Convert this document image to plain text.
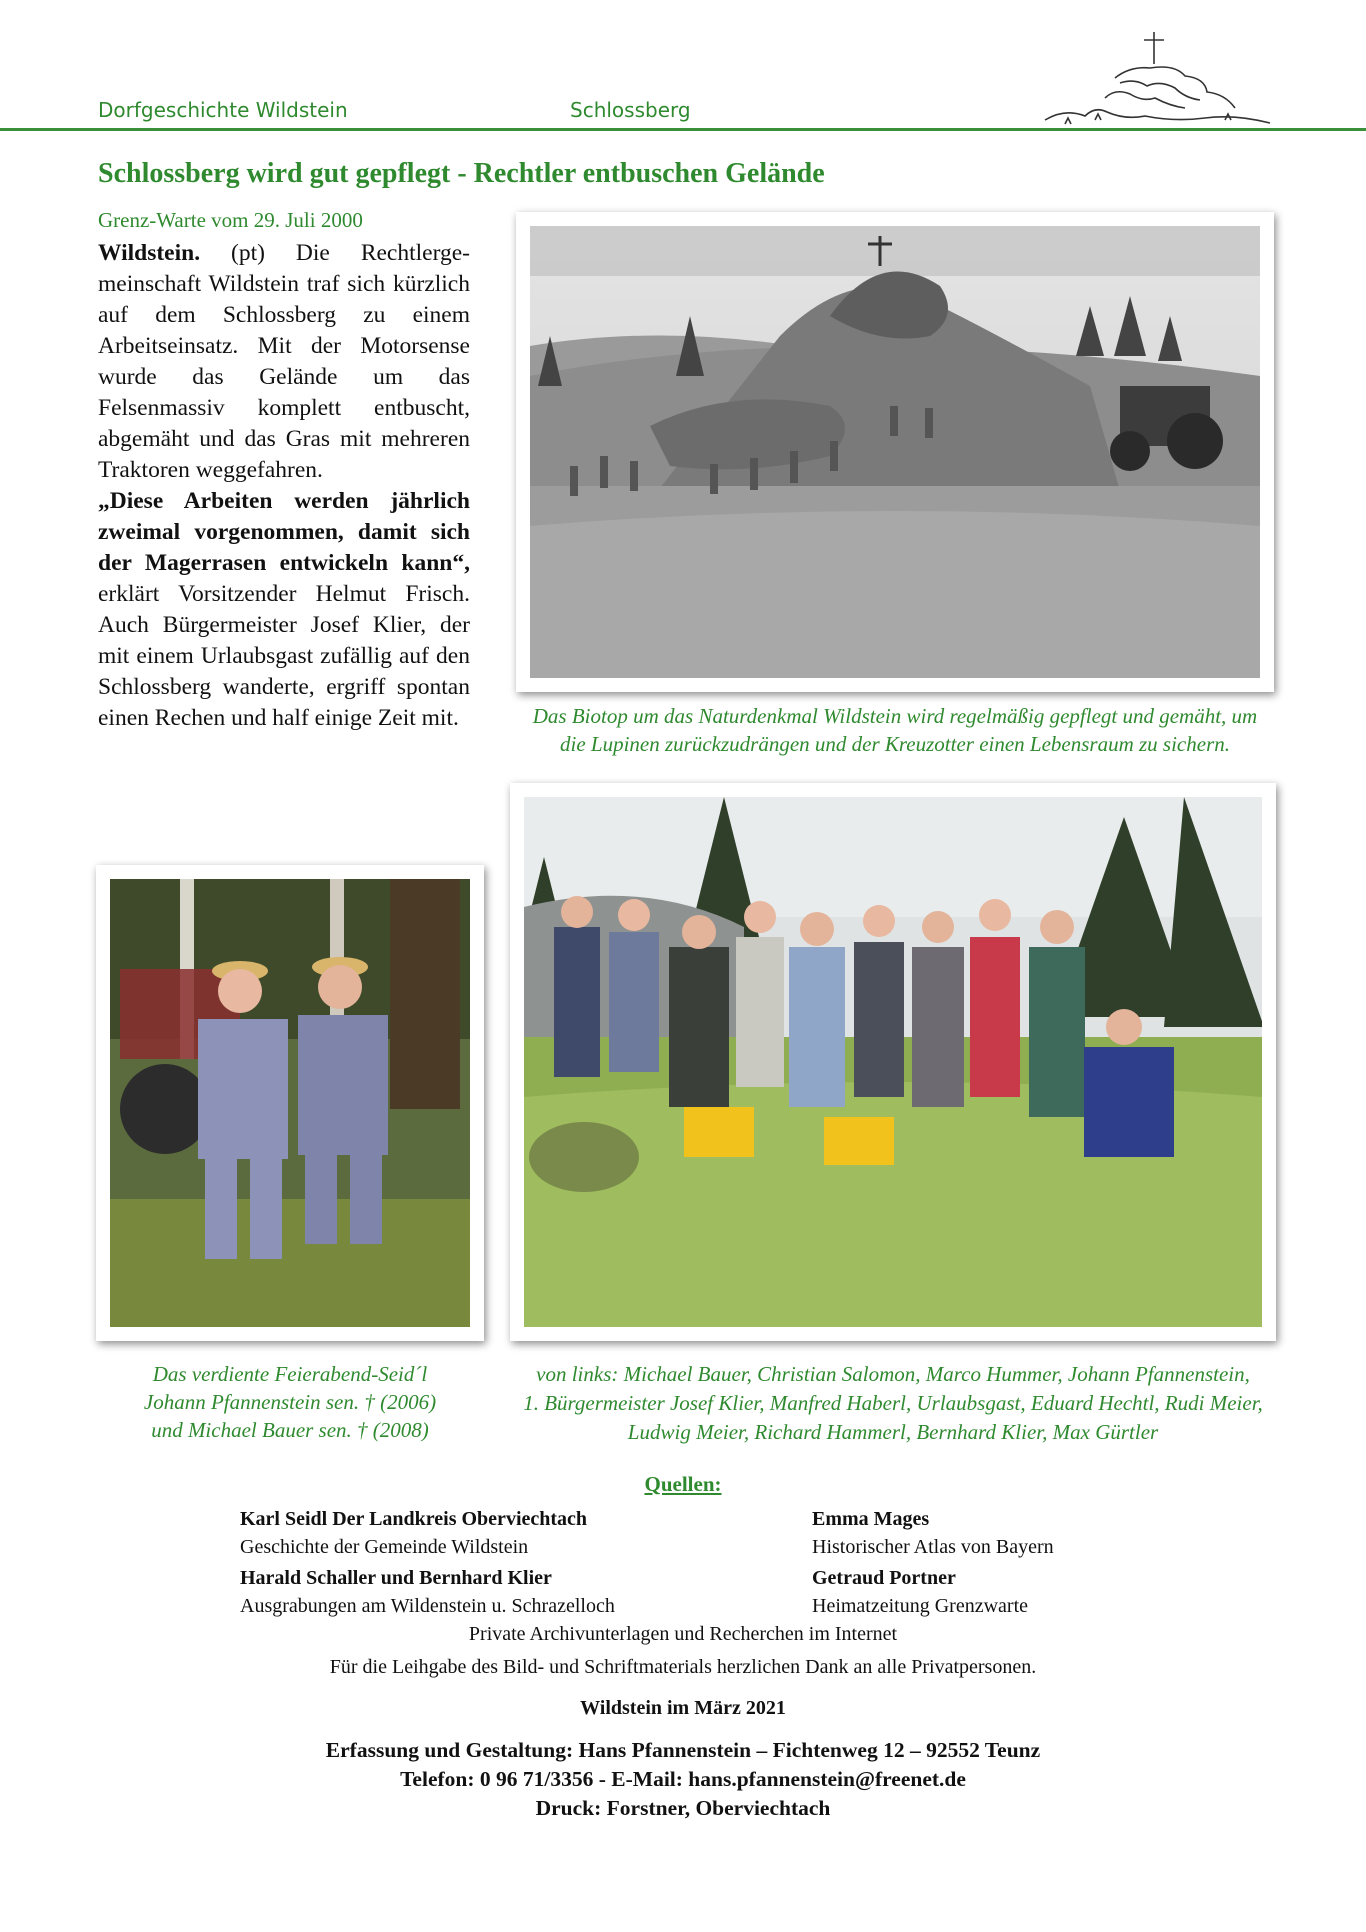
Dorfgeschichte Wildstein	Schlossberg
Schlossberg wird gut gepflegt - Rechtler entbuschen Gelände
Grenz-Warte vom 29. Juli 2000
Wildstein. (pt) Die Rechtlergemeinschaft Wildstein traf sich kürzlich auf dem Schlossberg zu einem Arbeitseinsatz. Mit der Motorsense wurde das Gelände um das Felsenmassiv komplett entbuscht, abgemäht und das Gras mit mehreren Traktoren weggefahren.
„Diese Arbeiten werden jährlich zweimal vorgenommen, damit sich der Magerrasen entwickeln kann“, erklärt Vorsitzender Helmut Frisch. Auch Bürgermeister Josef Klier, der mit einem Urlaubsgast zufällig auf den Schlossberg wanderte, ergriff spontan einen Rechen und half einige Zeit mit.	Das Biotop um das Naturdenkmal Wildstein wird regelmäßig gepflegt und gemäht, um die Lupinen zurückzudrängen und der Kreuzotter einen Lebensraum zu sichern.
Das verdiente Feierabend-Seid´l
Johann Pfannenstein sen. † (2006)
und Michael Bauer sen. † (2008)
von links: Michael Bauer, Christian Salomon, Marco Hummer, Johann Pfannenstein,
1. Bürgermeister Josef Klier, Manfred Haberl, Urlaubsgast, Eduard Hechtl, Rudi Meier,
Ludwig Meier, Richard Hammerl, Bernhard Klier, Max Gürtler
Quellen:
Karl Seidl Der Landkreis Oberviechtach
Geschichte der Gemeinde Wildstein
Emma Mages
Historischer Atlas von Bayern
Harald Schaller und Bernhard Klier
Ausgrabungen am Wildenstein u. Schrazelloch
Getraud Portner
Heimatzeitung Grenzwarte
Private Archivunterlagen und Recherchen im Internet
Für die Leihgabe des Bild- und Schriftmaterials herzlichen Dank an alle Privatpersonen.
Wildstein im März 2021
Erfassung und Gestaltung: Hans Pfannenstein – Fichtenweg 12 – 92552 Teunz
Telefon: 0 96 71/3356 - E-Mail: hans.pfannenstein@freenet.de
Druck: Forstner, Oberviechtach
